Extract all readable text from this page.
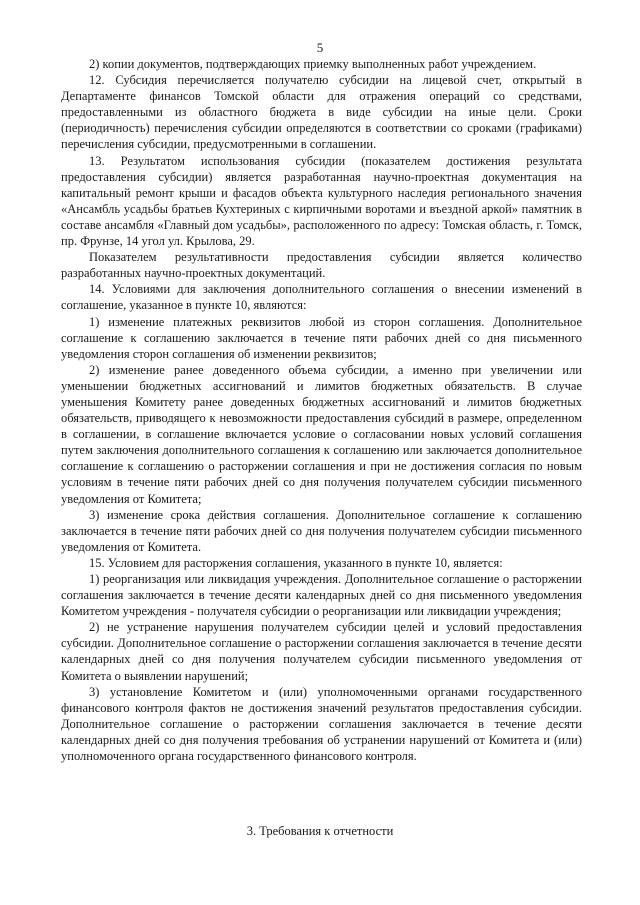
5

2) копии документов, подтверждающих приемку выполненных работ учреждением.

12. Субсидия перечисляется получателю субсидии на лицевой счет, открытый в Департаменте финансов Томской области для отражения операций со средствами, предоставленными из областного бюджета в виде субсидии на иные цели. Сроки (периодичность) перечисления субсидии определяются в соответствии со сроками (графиками) перечисления субсидии, предусмотренными в соглашении.

13. Результатом использования субсидии (показателем достижения результата предоставления субсидии) является разработанная научно-проектная документация на капитальный ремонт крыши и фасадов объекта культурного наследия регионального значения «Ансамбль усадьбы братьев Кухтериных с кирпичными воротами и въездной аркой» памятник в составе ансамбля «Главный дом усадьбы», расположенного по адресу: Томская область, г. Томск, пр. Фрунзе, 14 угол ул. Крылова, 29.

Показателем результативности предоставления субсидии является количество разработанных научно-проектных документаций.

14. Условиями для заключения дополнительного соглашения о внесении изменений в соглашение, указанное в пункте 10, являются:

1) изменение платежных реквизитов любой из сторон соглашения. Дополнительное соглашение к соглашению заключается в течение пяти рабочих дней со дня письменного уведомления сторон соглашения об изменении реквизитов;

2) изменение ранее доведенного объема субсидии, а именно при увеличении или уменьшении бюджетных ассигнований и лимитов бюджетных обязательств. В случае уменьшения Комитету ранее доведенных бюджетных ассигнований и лимитов бюджетных обязательств, приводящего к невозможности предоставления субсидий в размере, определенном в соглашении, в соглашение включается условие о согласовании новых условий соглашения путем заключения дополнительного соглашения к соглашению или заключается дополнительное соглашение к соглашению о расторжении соглашения и при не достижения согласия по новым условиям в течение пяти рабочих дней со дня получения получателем субсидии письменного уведомления от Комитета;

3) изменение срока действия соглашения. Дополнительное соглашение к соглашению заключается в течение пяти рабочих дней со дня получения получателем субсидии письменного уведомления от Комитета.

15. Условием для расторжения соглашения, указанного в пункте 10, является:

1) реорганизация или ликвидация учреждения. Дополнительное соглашение о расторжении соглашения заключается в течение десяти календарных дней со дня письменного уведомления Комитетом учреждения - получателя субсидии о реорганизации или ликвидации учреждения;

2) не устранение нарушения получателем субсидии целей и условий предоставления субсидии. Дополнительное соглашение о расторжении соглашения заключается в течение десяти календарных дней со дня получения получателем субсидии письменного уведомления от Комитета о выявлении нарушений;

3) установление Комитетом и (или) уполномоченными органами государственного финансового контроля фактов не достижения значений результатов предоставления субсидии. Дополнительное соглашение о расторжении соглашения заключается в течение десяти календарных дней со дня получения требования об устранении нарушений от Комитета и (или) уполномоченного органа государственного финансового контроля.

3. Требования к отчетности
